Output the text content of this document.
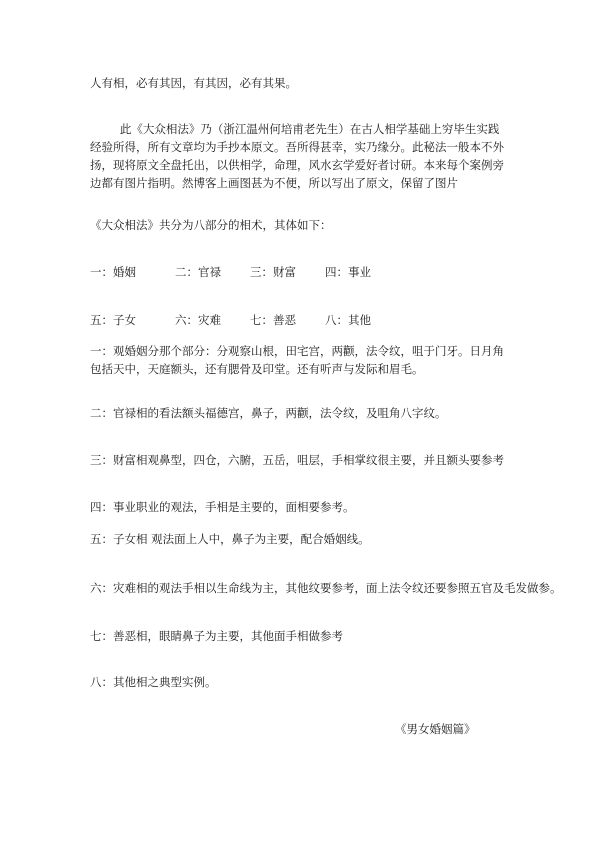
人有相，必有其因，有其因，必有其果。
此《大众相法》乃（浙江温州何培甫老先生）在古人相学基础上穷毕生实践经验所得，所有文章均为手抄本原文。吾所得甚幸，实乃缘分。此秘法一般本不外扬，现将原文全盘托出，以供相学，命理，风水玄学爱好者讨研。本来每个案例旁边都有图片指明。然博客上画图甚为不便，所以写出了原文，保留了图片
《大众相法》共分为八部分的相术，其体如下：
一：婚姻	二：官禄	三：财富	四：事业
五：子女	六：灾难	七：善恶	八：其他
一：观婚姻分那个部分：分观察山根，田宅宫，两颧，法令纹，咀于门牙。日月角包括天中，天庭额头，还有腮骨及印堂。还有听声与发际和眉毛。
二：官禄相的看法额头福德宫，鼻子，两颧，法令纹，及咀角八字纹。
三：财富相观鼻型，四仓，六腑，五岳，咀层，手相掌纹很主要，并且额头要参考
四：事业职业的观法，手相是主要的，面相要参考。
五：子女相 观法面上人中，鼻子为主要，配合婚姻线。
六：灾难相的观法手相以生命线为主，其他纹要参考，面上法令纹还要参照五官及毛发做参。
七：善恶相，眼睛鼻子为主要，其他面手相做参考
八：其他相之典型实例。
《男女婚姻篇》
